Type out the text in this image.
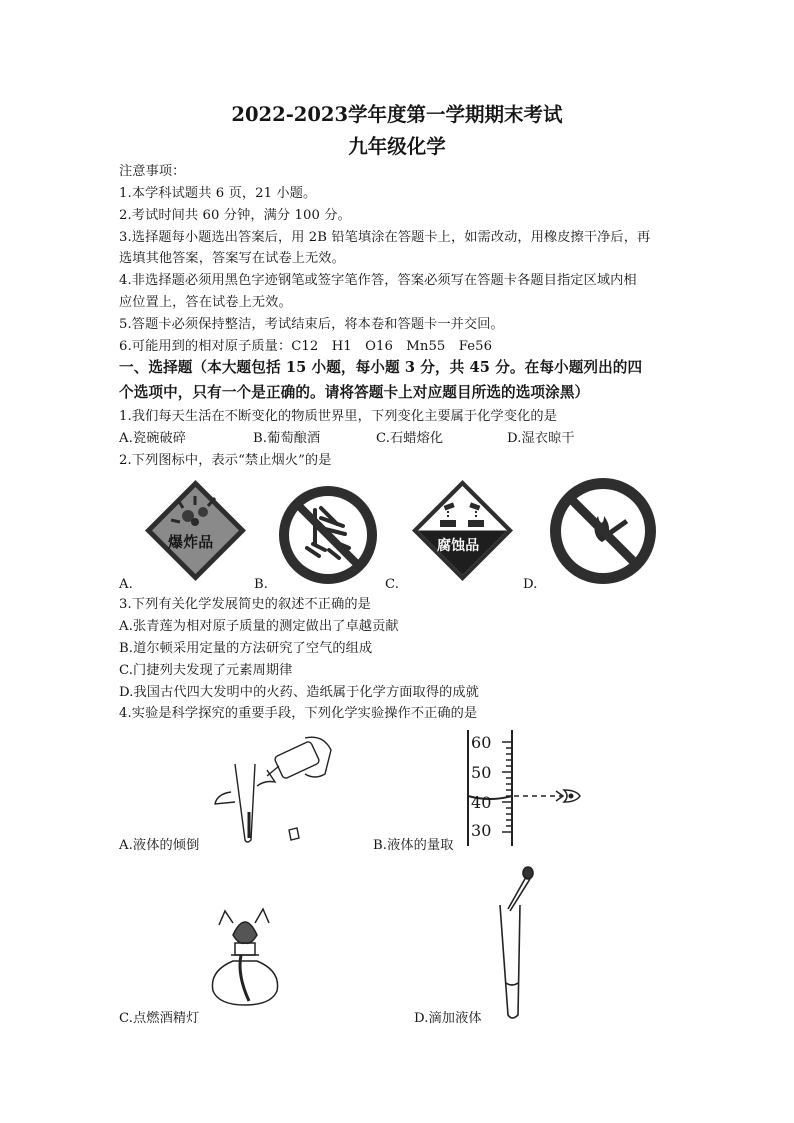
2022-2023学年度第一学期期末考试
九年级化学
注意事项：
1.本学科试题共 6 页，21 小题。
2.考试时间共 60 分钟，满分 100 分。
3.选择题每小题选出答案后，用 2B 铅笔填涂在答题卡上，如需改动，用橡皮擦干净后，再
选填其他答案，答案写在试卷上无效。
4.非选择题必须用黑色字迹钢笔或签字笔作答，答案必须写在答题卡各题目指定区域内相
应位置上，答在试卷上无效。
5.答题卡必须保持整洁，考试结束后，将本卷和答题卡一并交回。
6.可能用到的相对原子质量：C12　H1　O16　Mn55　Fe56
一、选择题（本大题包括 15 小题，每小题 3 分，共 45 分。在每小题列出的四
个选项中，只有一个是正确的。请将答题卡上对应题目所选的选项涂黑）
1.我们每天生活在不断变化的物质世界里，下列变化主要属于化学变化的是
A.瓷碗破碎	B.葡萄酿酒	C.石蜡熔化	D.湿衣晾干
2.下列图标中，表示“禁止烟火”的是
爆炸品	腐蚀品
A.	B.	C.	D.
3.下列有关化学发展简史的叙述不正确的是
A.张青莲为相对原子质量的测定做出了卓越贡献
B.道尔顿采用定量的方法研究了空气的组成
C.门捷列夫发现了元素周期律
D.我国古代四大发明中的火药、造纸属于化学方面取得的成就
4.实验是科学探究的重要手段，下列化学实验操作不正确的是
A.液体的倾倒
60
50
40
30
B.液体的量取
C.点燃酒精灯	D.滴加液体
